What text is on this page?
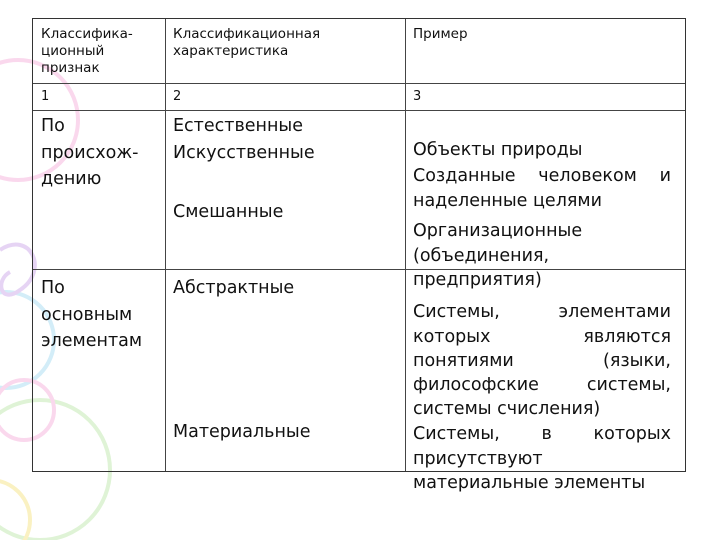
Классифика-
ционный
признак
Классификационная
характеристика
Пример
1	2	3
По
происхож-
дению
Естественные
Искусственные
Смешанные

Объекты природы

Созданные человеком и наделенные целями

Организационные (объединения, предприятия)

По
основным
элементам
Абстрактные
Материальные

Системы, элементами которых являются понятиями (языки, философские системы, системы счисления)

Системы, в которых присутствуют материальные элементы
